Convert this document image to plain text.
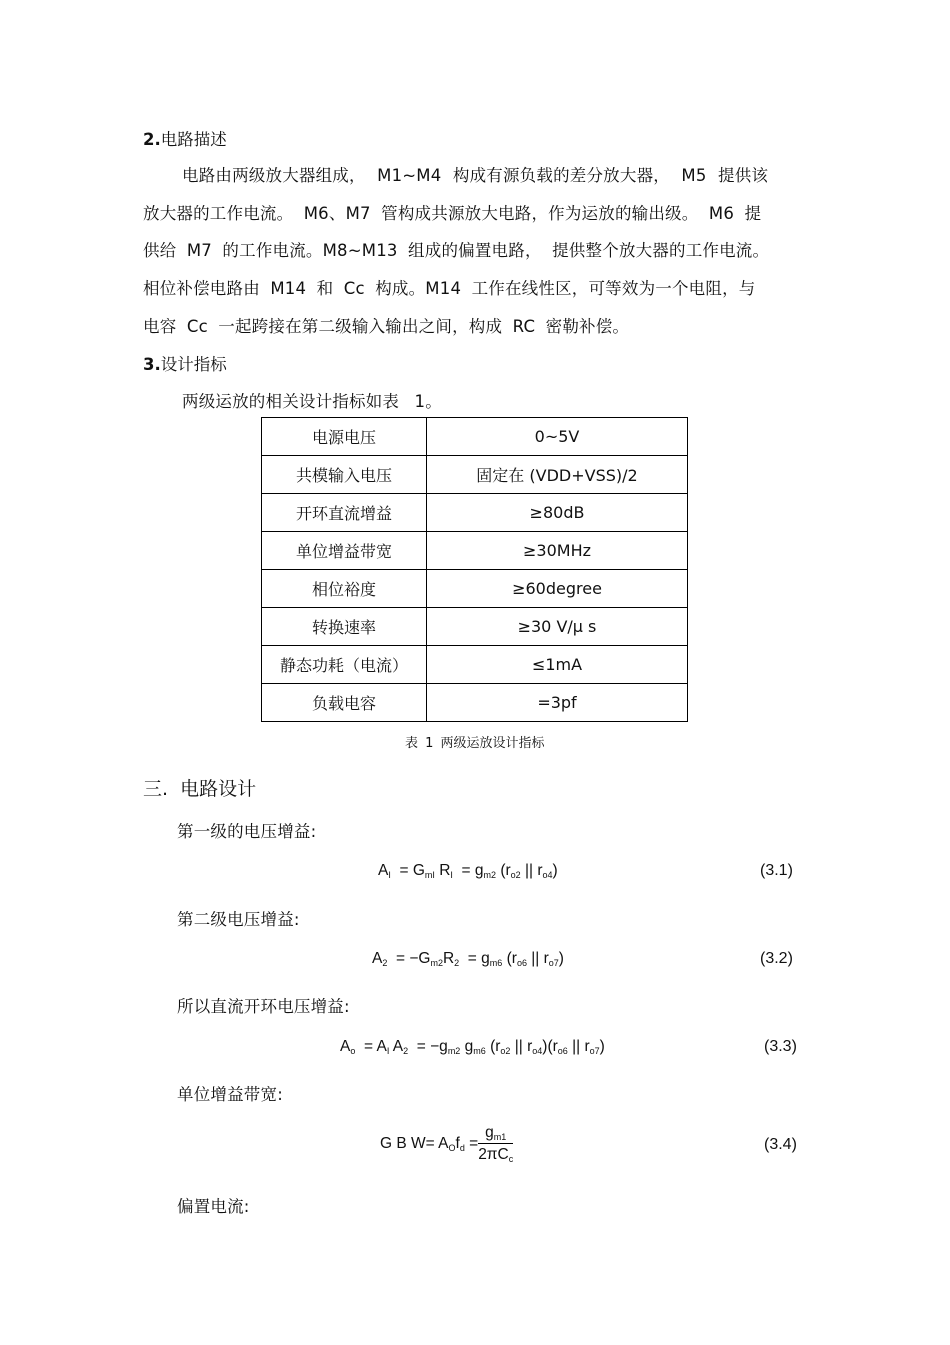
2.电路描述
电路由两级放大器组成， M1~M4 构成有源负载的差分放大器， M5 提供该
放大器的工作电流。 M6、M7 管构成共源放大电路，作为运放的输出级。 M6 提
供给 M7 的工作电流。M8~M13 组成的偏置电路， 提供整个放大器的工作电流。
相位补偿电路由 M14 和 Cc 构成。M14 工作在线性区，可等效为一个电阻，与
电容 Cc 一起跨接在第二级输入输出之间，构成 RC 密勒补偿。
3.设计指标
两级运放的相关设计指标如表 1。
电源电压	0~5V
共模输入电压	固定在 (VDD+VSS)/2
开环直流增益	≥80dB
单位增益带宽	≥30MHz
相位裕度	≥60degree
转换速率	≥30 V/μ s
静态功耗（电流）	≤1mA
负载电容	=3pf
表 1 两级运放设计指标
三. 电路设计
第一级的电压增益:
$A_I = G_{mI}$ $R_I = g_{m2}$ ($r_{o2}$ || $r_{o4}$)	(3.1)
第二级电压增益:
$A_2 = -G_{m2}R_2 = g_{m6}$ ($r_{o6}$ || $r_{o7}$)	(3.2)
所以直流开环电压增益:
$A_o = A_I$ $A_2 = -g_{m2}$ $g_{m6}$ ($r_{o2}$ || $r_{o4})(r_{o6}$ || $r_{o7}$)	(3.3)
单位增益带宽:
G B $W= A_Of_d = \frac{g_{m1}}{2\pi C_c}$	(3.4)
偏置电流:
